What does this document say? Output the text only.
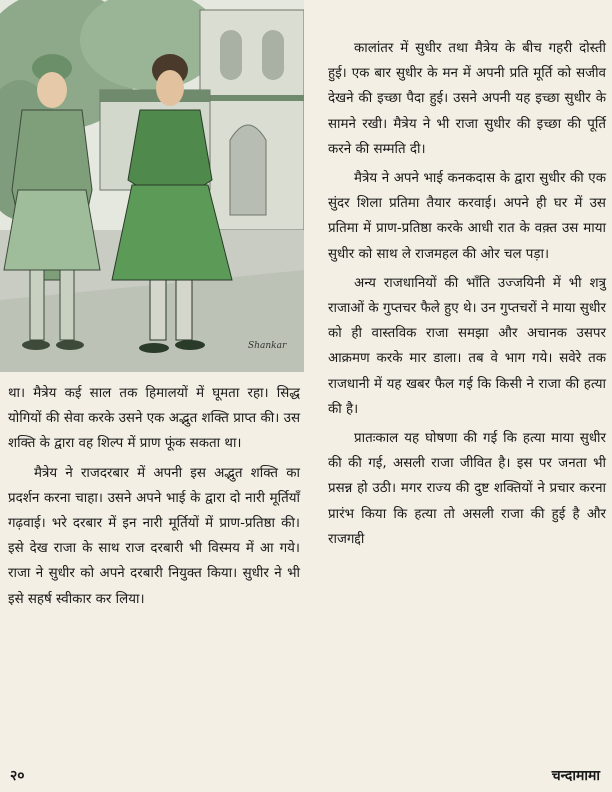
Shankar

था। मैत्रेय कई साल तक हिमालयों में घूमता रहा। सिद्ध योगियों की सेवा करके उसने एक अद्भुत शक्ति प्राप्त की। उस शक्ति के द्वारा वह शिल्प में प्राण फूंक सकता था।

मैत्रेय ने राजदरबार में अपनी इस अद्भुत शक्ति का प्रदर्शन करना चाहा। उसने अपने भाई के द्वारा दो नारी मूर्तियाँ गढ़वाई। भरे दरबार में इन नारी मूर्तियों में प्राण-प्रतिष्ठा की। इसे देख राजा के साथ राज दरबारी भी विस्मय में आ गये। राजा ने सुधीर को अपने दरबारी नियुक्त किया। सुधीर ने भी इसे सहर्ष स्वीकार कर लिया।

कालांतर में सुधीर तथा मैत्रेय के बीच गहरी दोस्ती हुई। एक बार सुधीर के मन में अपनी प्रति मूर्ति को सजीव देखने की इच्छा पैदा हुई। उसने अपनी यह इच्छा सुधीर के सामने रखी। मैत्रेय ने भी राजा सुधीर की इच्छा की पूर्ति करने की सम्मति दी।

मैत्रेय ने अपने भाई कनकदास के द्वारा सुधीर की एक सुंदर शिला प्रतिमा तैयार करवाई। अपने ही घर में उस प्रतिमा में प्राण-प्रतिष्ठा करके आधी रात के वक़्त उस माया सुधीर को साथ ले राजमहल की ओर चल पड़ा।

अन्य राजधानियों की भाँति उज्जयिनी में भी शत्रु राजाओं के गुप्तचर फैले हुए थे। उन गुप्तचरों ने माया सुधीर को ही वास्तविक राजा समझा और अचानक उसपर आक्रमण करके मार डाला। तब वे भाग गये। सवेरे तक राजधानी में यह खबर फैल गई कि किसी ने राजा की हत्या की है।

प्रातःकाल यह घोषणा की गई कि हत्या माया सुधीर की की गई, असली राजा जीवित है। इस पर जनता भी प्रसन्न हो उठी। मगर राज्य की दुष्ट शक्तियों ने प्रचार करना प्रारंभ किया कि हत्या तो असली राजा की हुई है और राजगद्दी

२०	चन्दामामा
